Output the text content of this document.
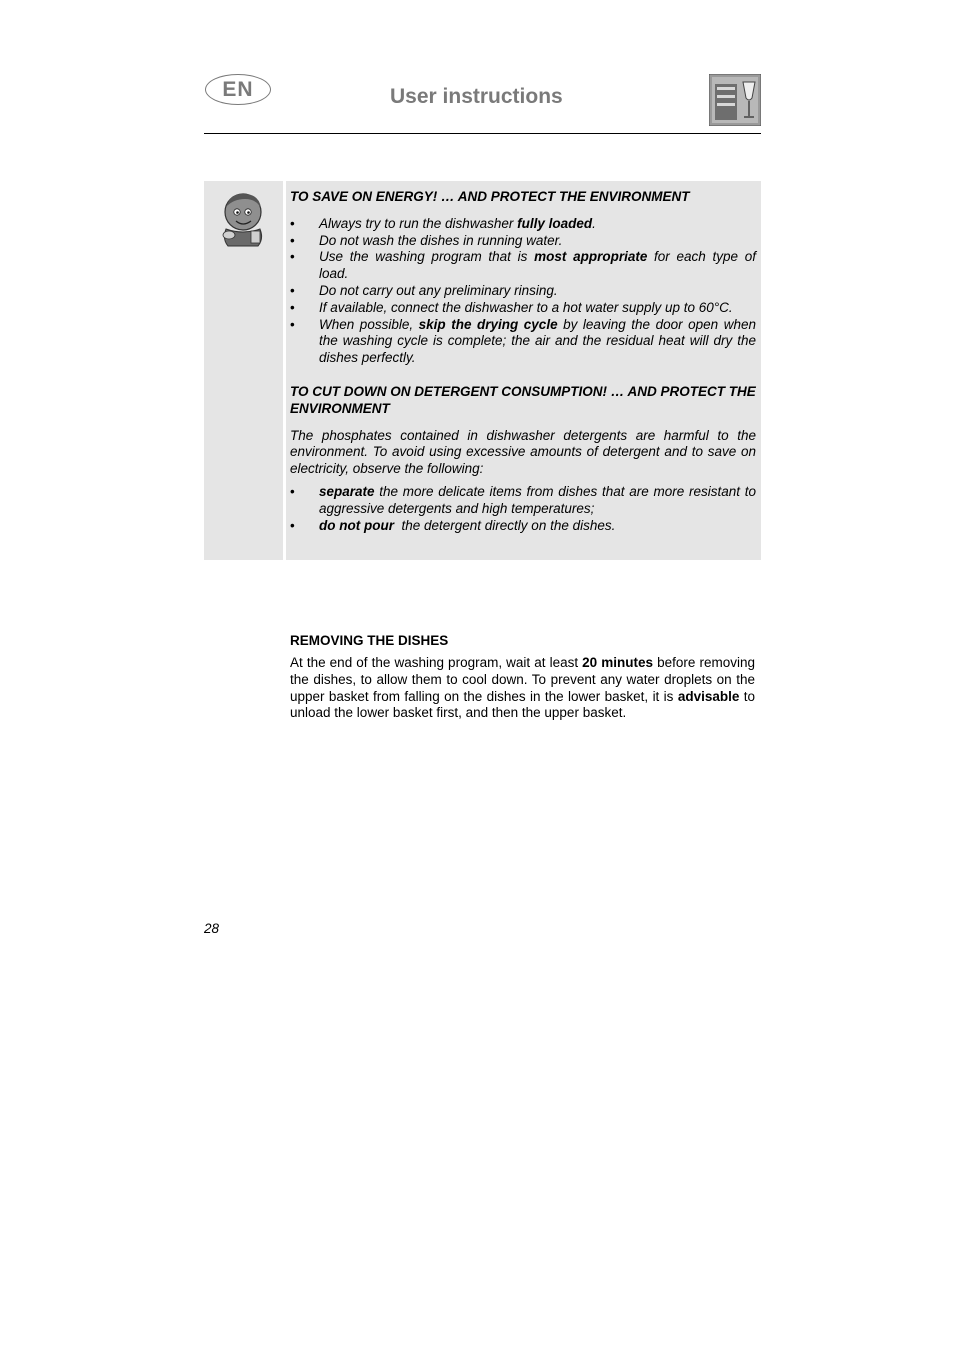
EN	User instructions
TO SAVE ON ENERGY! … AND PROTECT THE ENVIRONMENT
• Always try to run the dishwasher fully loaded.
• Do not wash the dishes in running water.
• Use the washing program that is most appropriate for each type of load.
• Do not carry out any preliminary rinsing.
• If available, connect the dishwasher to a hot water supply up to 60°C.
• When possible, skip the drying cycle by leaving the door open when the washing cycle is complete; the air and the residual heat will dry the dishes perfectly.
TO CUT DOWN ON DETERGENT CONSUMPTION! … AND PROTECT THE ENVIRONMENT

The phosphates contained in dishwasher detergents are harmful to the environment. To avoid using excessive amounts of detergent and to save on electricity, observe the following:

• separate the more delicate items from dishes that are more resistant to aggressive detergents and high temperatures;
• do not pour  the detergent directly on the dishes.
REMOVING THE DISHES
At the end of the washing program, wait at least 20 minutes before removing the dishes, to allow them to cool down. To prevent any water droplets on the upper basket from falling on the dishes in the lower basket, it is advisable to unload the lower basket first, and then the upper basket.
28
